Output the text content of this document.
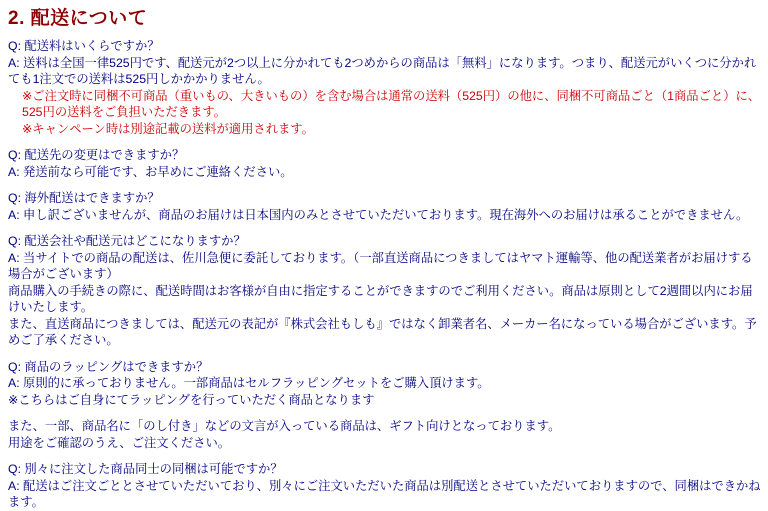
2. 配送について
Q: 配送料はいくらですか？
A: 送料は全国一律525円です、配送元が2つ以上に分かれても2つめからの商品は「無料」になります。つまり、配送元がいくつに分かれても1注文での送料は525円しかかかりません。
※ご注文時に同梱不可商品（重いもの、大きいもの）を含む場合は通常の送料（525円）の他に、同梱不可商品ごと（1商品ごと）に、525円の送料をご負担いただきます。
※キャンペーン時は別途記載の送料が適用されます。
Q: 配送先の変更はできますか？
A: 発送前なら可能です、お早めにご連絡ください。
Q: 海外配送はできますか？
A: 申し訳ございませんが、商品のお届けは日本国内のみとさせていただいております。現在海外へのお届けは承ることができません。
Q: 配送会社や配送元はどこになりますか？
A: 当サイトでの商品の配送は、佐川急便に委託しております。（一部直送商品につきましてはヤマト運輸等、他の配送業者がお届けする場合がございます）
商品購入の手続きの際に、配送時間はお客様が自由に指定することができますのでご利用ください。商品は原則として2週間以内にお届けいたします。
また、直送商品につきましては、配送元の表記が『株式会社もしも』ではなく卸業者名、メーカー名になっている場合がございます。予めご了承ください。
Q: 商品のラッピングはできますか？
A: 原則的に承っておりません。一部商品はセルフラッピングセットをご購入頂けます。
※こちらはご自身にてラッピングを行っていただく商品となります
また、一部、商品名に「のし付き」などの文言が入っている商品は、ギフト向けとなっております。
用途をご確認のうえ、ご注文ください。
Q: 別々に注文した商品同士の同梱は可能ですか？
A: 配送はご注文ごととさせていただいており、別々にご注文いただいた商品は別配送とさせていただいておりますので、同梱はできかねます。
